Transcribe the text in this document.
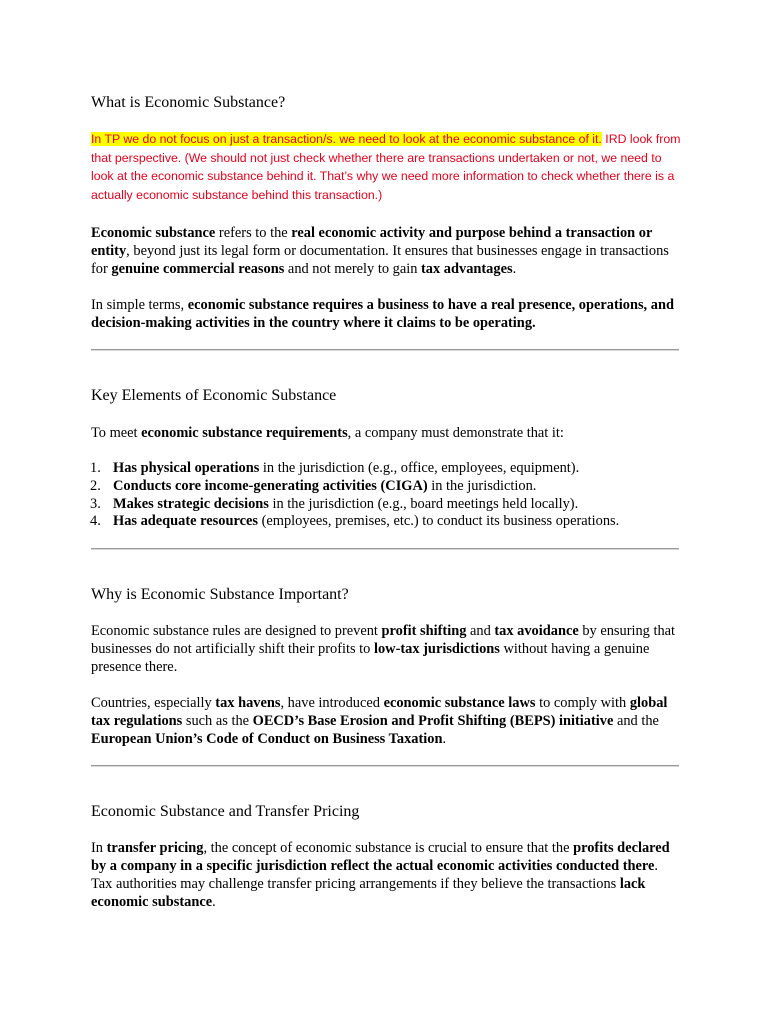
What is Economic Substance?

In TP we do not focus on just a transaction/s. we need to look at the economic substance of it. IRD look from that perspective. (We should not just check whether there are transactions undertaken or not, we need to look at the economic substance behind it. That’s why we need more information to check whether there is a actually economic substance behind this transaction.)

Economic substance refers to the real economic activity and purpose behind a transaction or entity, beyond just its legal form or documentation. It ensures that businesses engage in transactions for genuine commercial reasons and not merely to gain tax advantages.

In simple terms, economic substance requires a business to have a real presence, operations, and decision-making activities in the country where it claims to be operating.

Key Elements of Economic Substance

To meet economic substance requirements, a company must demonstrate that it:

1. Has physical operations in the jurisdiction (e.g., office, employees, equipment).
2. Conducts core income-generating activities (CIGA) in the jurisdiction.
3. Makes strategic decisions in the jurisdiction (e.g., board meetings held locally).
4. Has adequate resources (employees, premises, etc.) to conduct its business operations.
Why is Economic Substance Important?

Economic substance rules are designed to prevent profit shifting and tax avoidance by ensuring that businesses do not artificially shift their profits to low-tax jurisdictions without having a genuine presence there.

Countries, especially tax havens, have introduced economic substance laws to comply with global tax regulations such as the OECD’s Base Erosion and Profit Shifting (BEPS) initiative and the European Union’s Code of Conduct on Business Taxation.

Economic Substance and Transfer Pricing

In transfer pricing, the concept of economic substance is crucial to ensure that the profits declared by a company in a specific jurisdiction reflect the actual economic activities conducted there. Tax authorities may challenge transfer pricing arrangements if they believe the transactions lack economic substance.
